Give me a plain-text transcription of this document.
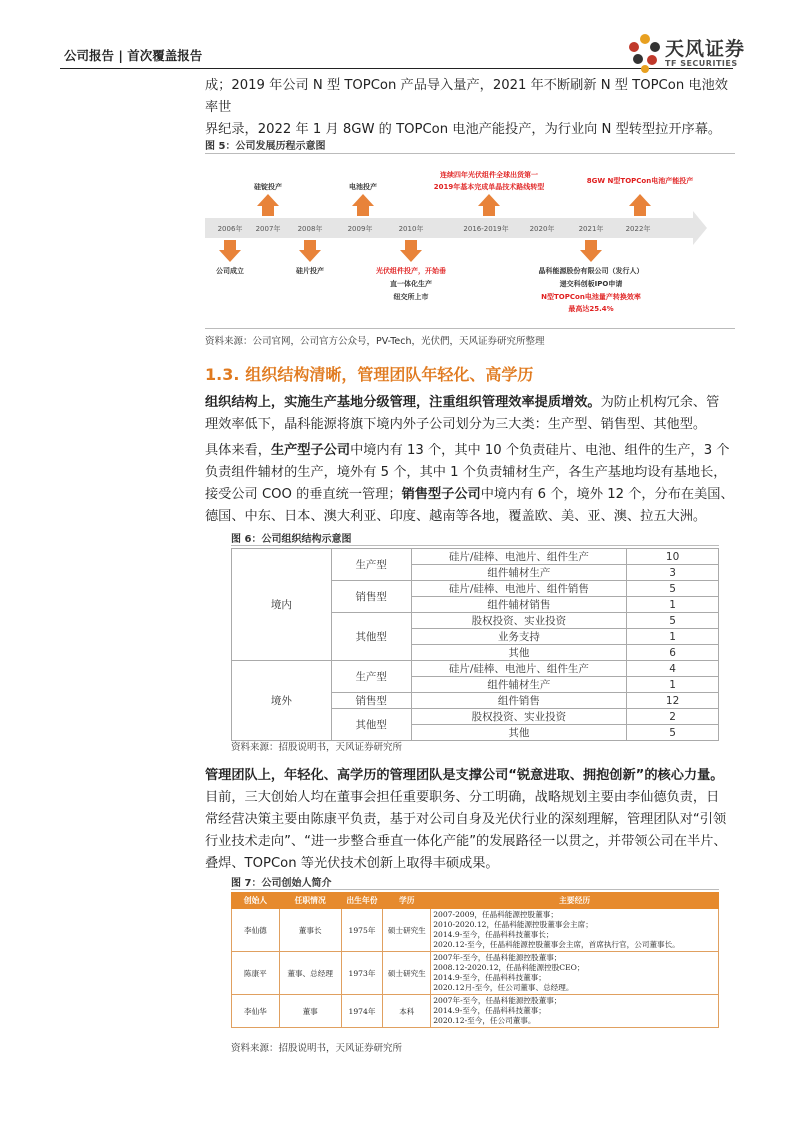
公司报告 | 首次覆盖报告	天风证券
TF SECURITIES
成；2019 年公司 N 型 TOPCon 产品导入量产，2021 年不断刷新 N 型 TOPCon 电池效率世
界纪录，2022 年 1 月 8GW 的 TOPCon 电池产能投产，为行业向 N 型转型拉开序幕。
图 5：公司发展历程示意图
2006年 2007年 2008年	2009年	2010年	2016-2019年	2020年	2021年	2022年
硅锭投产	电池投产
连续四年光伏组件全球出货第一
2019年基本完成单晶技术路线转型
8GW N型TOPCon电池产能投产
公司成立	硅片投产	光伏组件投产，开始垂
直一体化生产
纽交所上市
晶科能源股份有限公司（发行人）
递交科创板IPO申请
N型TOPCon电池量产转换效率
最高达25.4%
资料来源：公司官网，公司官方公众号，PV-Tech，光伏們，天风证券研究所整理
1.3. 组织结构清晰，管理团队年轻化、高学历
组织结构上，实施生产基地分级管理，注重组织管理效率提质增效。为防止机构冗余、管
理效率低下，晶科能源将旗下境内外子公司划分为三大类：生产型、销售型、其他型。
具体来看，生产型子公司中境内有 13 个，其中 10 个负责硅片、电池、组件的生产，3 个
负责组件辅材的生产，境外有 5 个，其中 1 个负责辅材生产，各生产基地均设有基地长，
接受公司 COO 的垂直统一管理；销售型子公司中境内有 6 个，境外 12 个，分布在美国、
德国、中东、日本、澳大利亚、印度、越南等各地，覆盖欧、美、亚、澳、拉五大洲。
图 6：公司组织结构示意图
境内	生产型	硅片/硅棒、电池片、组件生产	10
		组件辅材生产	3
	销售型	硅片/硅棒、电池片、组件销售	5
		组件辅材销售	1
	其他型	股权投资、实业投资	5
		业务支持	1
		其他	6
境外	生产型	硅片/硅棒、电池片、组件生产	4
		组件辅材生产	1
	销售型	组件销售	12
	其他型	股权投资、实业投资	2
		其他	5
资料来源：招股说明书，天风证券研究所
管理团队上，年轻化、高学历的管理团队是支撑公司“锐意进取、拥抱创新”的核心力量。
目前，三大创始人均在董事会担任重要职务、分工明确，战略规划主要由李仙德负责，日
常经营决策主要由陈康平负责，基于对公司自身及光伏行业的深刻理解，管理团队对“引领
行业技术走向”、“进一步整合垂直一体化产能”的发展路径一以贯之，并带领公司在半片、
叠焊、TOPCon 等光伏技术创新上取得丰硕成果。
图 7：公司创始人简介
创始人	任职情况	出生年份	学历	主要经历
李仙德	董事长	1975年	硕士研究生	2007-2009，任晶科能源控股董事；
2010-2020.12，任晶科能源控股董事会主席；
2014.9-至今，任晶科科技董事长；
2020.12-至今，任晶科能源控股董事会主席，首席执行官，公司董事长。

陈康平	董事、总经理	1973年	硕士研究生	2007年-至今，任晶科能源控股董事；
2008.12-2020.12，任晶科能源控股CEO；
2014.9-至今，任晶科科技董事；
2020.12月-至今，任公司董事、总经理。

李仙华	董事	1974年	本科	2007年-至今，任晶科能源控股董事；
2014.9-至今，任晶科科技董事；
2020.12-至今，任公司董事。
资料来源：招股说明书，天风证券研究所
